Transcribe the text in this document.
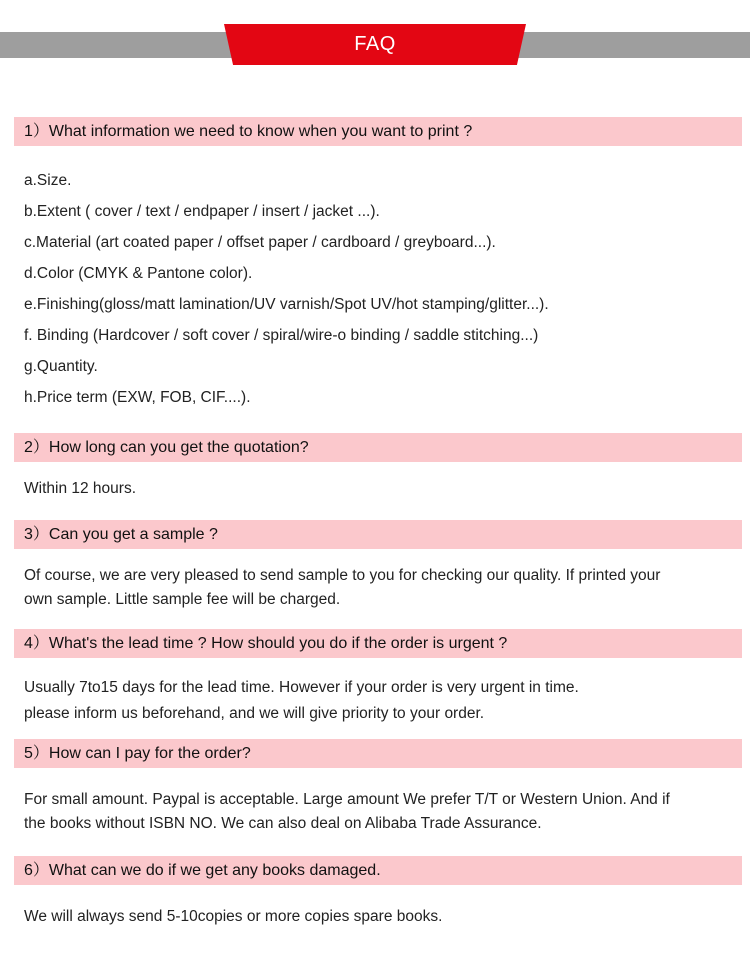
FAQ
1）What information we need to know when you want to print ?
a.Size.
b.Extent ( cover / text / endpaper / insert / jacket ...).
c.Material (art coated paper / offset paper / cardboard / greyboard...).
d.Color (CMYK & Pantone color).
e.Finishing(gloss/matt lamination/UV varnish/Spot UV/hot stamping/glitter...).
f. Binding (Hardcover / soft cover / spiral/wire-o binding / saddle stitching...)
g.Quantity.
h.Price term (EXW, FOB, CIF....).
2）How long can you get the quotation?
Within 12 hours.
3）Can you get a sample ?
Of course, we are very pleased to send sample to you for checking our quality. If printed your
own sample. Little sample fee will be charged.
4）What's the lead time ? How should you do if the order is urgent ?
Usually 7to15 days for the lead time. However if your order is very urgent in time.
please inform us beforehand, and we will give priority to your order.
5）How can I pay for the order?
For small amount. Paypal is acceptable. Large amount We prefer T/T or Western Union. And if
the books without ISBN NO. We can also deal on Alibaba Trade Assurance.
6）What can we do if we get any books damaged.
We will always send 5-10copies or more copies spare books.
